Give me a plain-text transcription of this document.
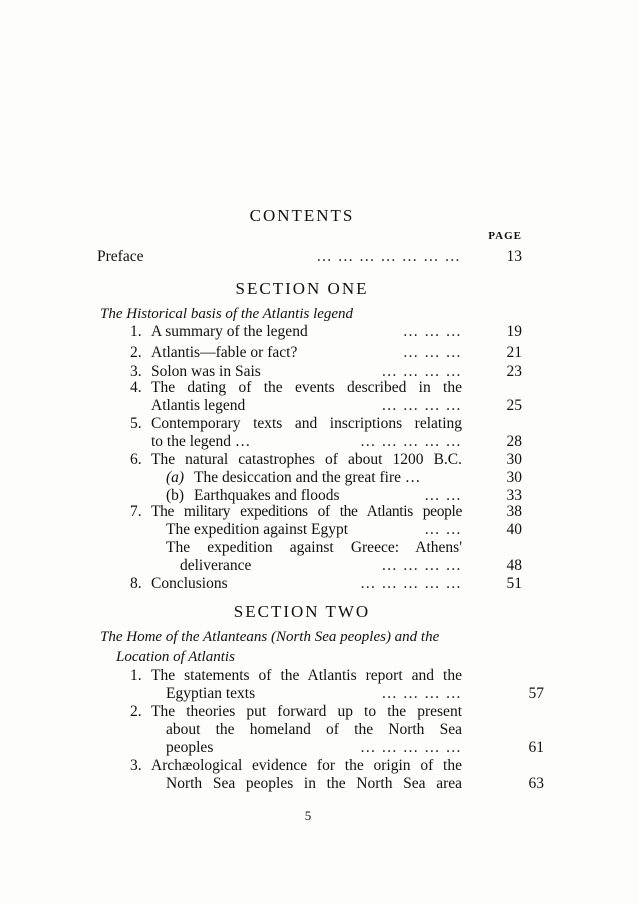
CONTENTS
PAGE
Preface	… … … … … … …	13
SECTION ONE
The Historical basis of the Atlantis legend
1. A summary of the legend	… … …	19
2. Atlantis—fable or fact?	… … …	21
3. Solon was in Sais	… … … …	23
4. The dating of the events described in the
Atlantis legend	… … … …	25
5. Contemporary texts and inscriptions relating
to the legend …	… … … … …	28
6. The natural catastrophes of about 1200 B.C.	30
(a) The desiccation and the great fire …	30
(b) Earthquakes and floods	… …	33
7. The military expeditions of the Atlantis people	38
The expedition against Egypt	… …	40
The expedition against Greece: Athens'
deliverance	… … … …	48
8. Conclusions	… … … … …	51
SECTION TWO
The Home of the Atlanteans (North Sea peoples) and the
Location of Atlantis
1. The statements of the Atlantis report and the
Egyptian texts	… … … …	57
2. The theories put forward up to the present
about the homeland of the North Sea
peoples	… … … … …	61
3. Archæological evidence for the origin of the
North Sea peoples in the North Sea area	63
5
